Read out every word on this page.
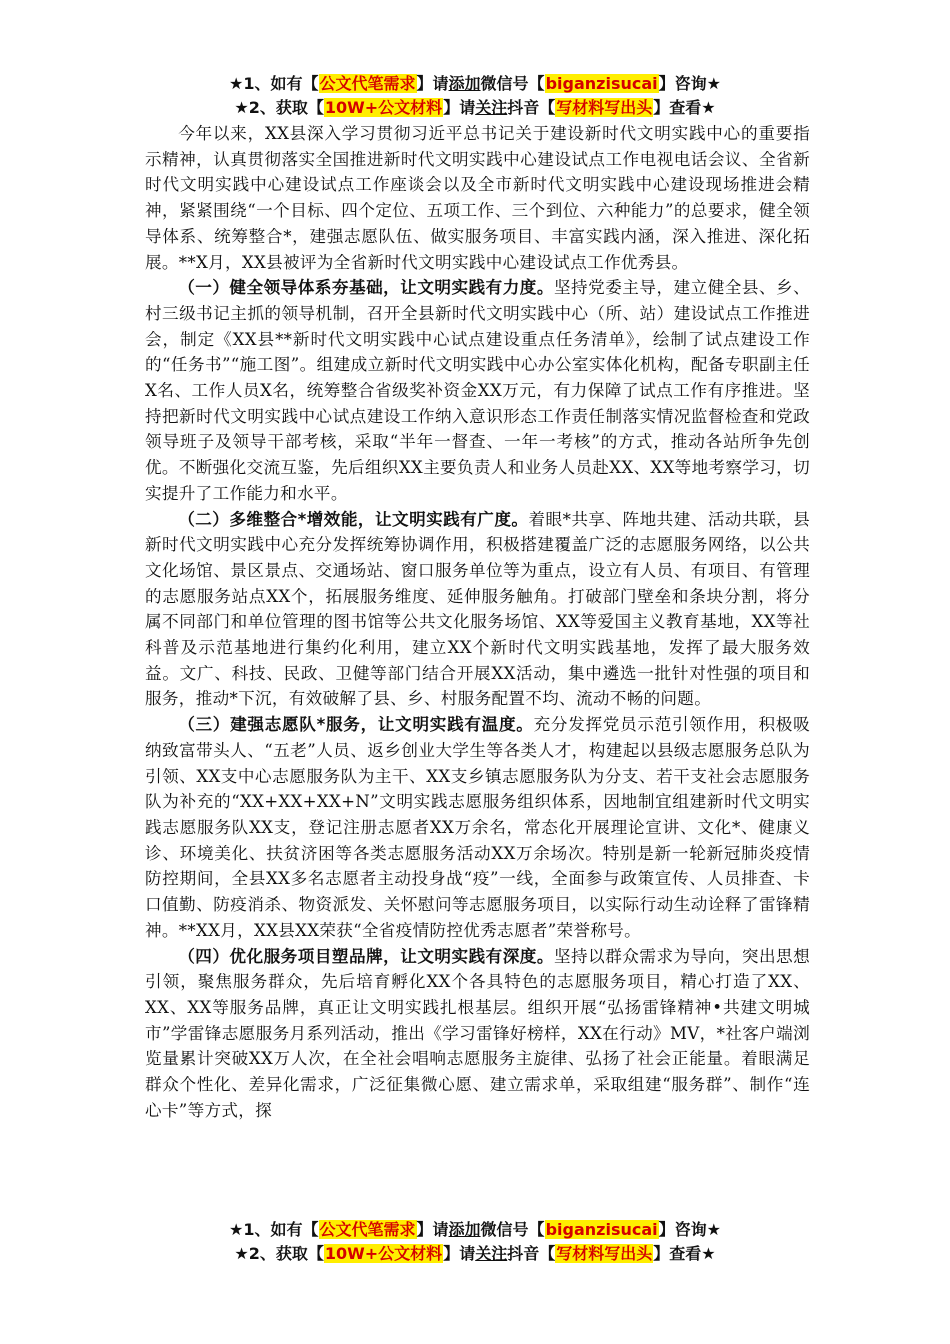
★1、如有【公文代笔需求】请添加微信号【biganzisucai】咨询★
★2、获取【10W+公文材料】请关注抖音【写材料写出头】查看★

今年以来，XX县深入学习贯彻习近平总书记关于建设新时代文明实践中心的重要指示精神，认真贯彻落实全国推进新时代文明实践中心建设试点工作电视电话会议、全省新时代文明实践中心建设试点工作座谈会以及全市新时代文明实践中心建设现场推进会精神，紧紧围绕“一个目标、四个定位、五项工作、三个到位、六种能力”的总要求，健全领导体系、统筹整合*，建强志愿队伍、做实服务项目、丰富实践内涵，深入推进、深化拓展。**X月，XX县被评为全省新时代文明实践中心建设试点工作优秀县。

（一）健全领导体系夯基础，让文明实践有力度。坚持党委主导，建立健全县、乡、村三级书记主抓的领导机制，召开全县新时代文明实践中心（所、站）建设试点工作推进会，制定《XX县**新时代文明实践中心试点建设重点任务清单》，绘制了试点建设工作的“任务书”“施工图”。组建成立新时代文明实践中心办公室实体化机构，配备专职副主任X名、工作人员X名，统筹整合省级奖补资金XX万元，有力保障了试点工作有序推进。坚持把新时代文明实践中心试点建设工作纳入意识形态工作责任制落实情况监督检查和党政领导班子及领导干部考核，采取“半年一督查、一年一考核”的方式，推动各站所争先创优。不断强化交流互鉴，先后组织XX主要负责人和业务人员赴XX、XX等地考察学习，切实提升了工作能力和水平。

（二）多维整合*增效能，让文明实践有广度。着眼*共享、阵地共建、活动共联，县新时代文明实践中心充分发挥统筹协调作用，积极搭建覆盖广泛的志愿服务网络，以公共文化场馆、景区景点、交通场站、窗口服务单位等为重点，设立有人员、有项目、有管理的志愿服务站点XX个，拓展服务维度、延伸服务触角。打破部门壁垒和条块分割，将分属不同部门和单位管理的图书馆等公共文化服务场馆、XX等爱国主义教育基地，XX等社科普及示范基地进行集约化利用，建立XX个新时代文明实践基地，发挥了最大服务效益。文广、科技、民政、卫健等部门结合开展XX活动，集中遴选一批针对性强的项目和服务，推动*下沉，有效破解了县、乡、村服务配置不均、流动不畅的问题。

（三）建强志愿队*服务，让文明实践有温度。充分发挥党员示范引领作用，积极吸纳致富带头人、“五老”人员、返乡创业大学生等各类人才，构建起以县级志愿服务总队为引领、XX支中心志愿服务队为主干、XX支乡镇志愿服务队为分支、若干支社会志愿服务队为补充的“XX+XX+XX+N”文明实践志愿服务组织体系，因地制宜组建新时代文明实践志愿服务队XX支，登记注册志愿者XX万余名，常态化开展理论宣讲、文化*、健康义诊、环境美化、扶贫济困等各类志愿服务活动XX万余场次。特别是新一轮新冠肺炎疫情防控期间，全县XX多名志愿者主动投身战“疫”一线，全面参与政策宣传、人员排查、卡口值勤、防疫消杀、物资派发、关怀慰问等志愿服务项目，以实际行动生动诠释了雷锋精神。**XX月，XX县XX荣获“全省疫情防控优秀志愿者”荣誉称号。

（四）优化服务项目塑品牌，让文明实践有深度。坚持以群众需求为导向，突出思想引领，聚焦服务群众，先后培育孵化XX个各具特色的志愿服务项目，精心打造了XX、XX、XX等服务品牌，真正让文明实践扎根基层。组织开展“弘扬雷锋精神•共建文明城市”学雷锋志愿服务月系列活动，推出《学习雷锋好榜样，XX在行动》MV，*社客户端浏览量累计突破XX万人次，在全社会唱响志愿服务主旋律、弘扬了社会正能量。着眼满足群众个性化、差异化需求，广泛征集微心愿、建立需求单，采取组建“服务群”、制作“连心卡”等方式，探

★1、如有【公文代笔需求】请添加微信号【biganzisucai】咨询★
★2、获取【10W+公文材料】请关注抖音【写材料写出头】查看★
